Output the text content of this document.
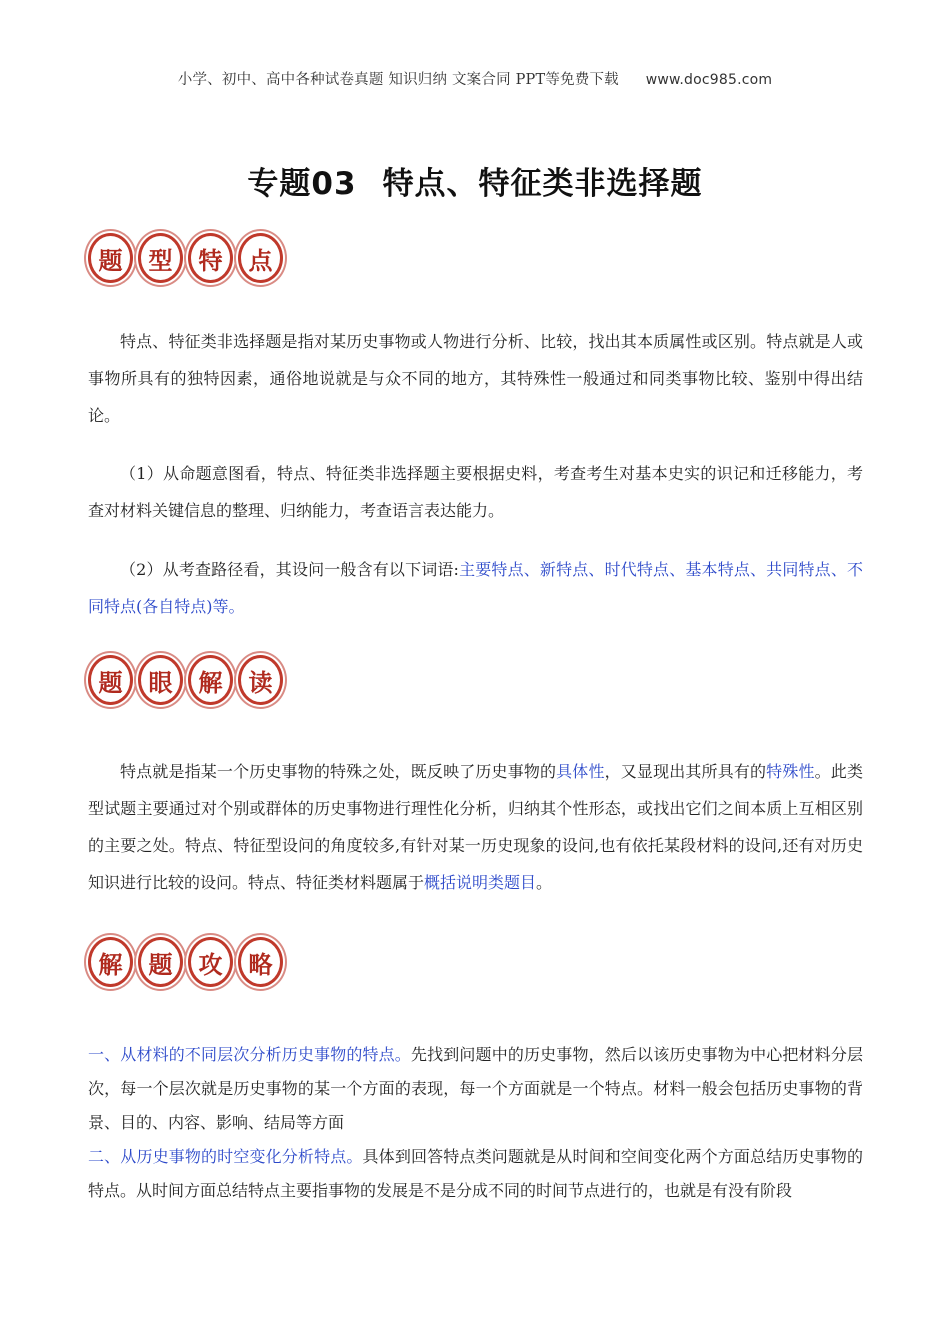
小学、初中、高中各种试卷真题 知识归纳 文案合同 PPT等免费下载 www.doc985.com
专题03 特点、特征类非选择题
题	型	特	点

特点、特征类非选择题是指对某历史事物或人物进行分析、比较，找出其本质属性或区别。特点就是人或事物所具有的独特因素，通俗地说就是与众不同的地方，其特殊性一般通过和同类事物比较、鉴别中得出结论。

（1）从命题意图看，特点、特征类非选择题主要根据史料，考查考生对基本史实的识记和迁移能力，考查对材料关键信息的整理、归纳能力，考查语言表达能力。

（2）从考查路径看，其设问一般含有以下词语:主要特点、新特点、时代特点、基本特点、共同特点、不同特点(各自特点)等。

题	眼	解	读

特点就是指某一个历史事物的特殊之处，既反映了历史事物的具体性，又显现出其所具有的特殊性。此类型试题主要通过对个别或群体的历史事物进行理性化分析，归纳其个性形态，或找出它们之间本质上互相区别的主要之处。特点、特征型设问的角度较多,有针对某一历史现象的设问,也有依托某段材料的设问,还有对历史知识进行比较的设问。特点、特征类材料题属于概括说明类题目。

解	题	攻	略

一、从材料的不同层次分析历史事物的特点。先找到问题中的历史事物，然后以该历史事物为中心把材料分层次，每一个层次就是历史事物的某一个方面的表现，每一个方面就是一个特点。材料一般会包括历史事物的背景、目的、内容、影响、结局等方面

二、从历史事物的时空变化分析特点。具体到回答特点类问题就是从时间和空间变化两个方面总结历史事物的特点。从时间方面总结特点主要指事物的发展是不是分成不同的时间节点进行的，也就是有没有阶段
